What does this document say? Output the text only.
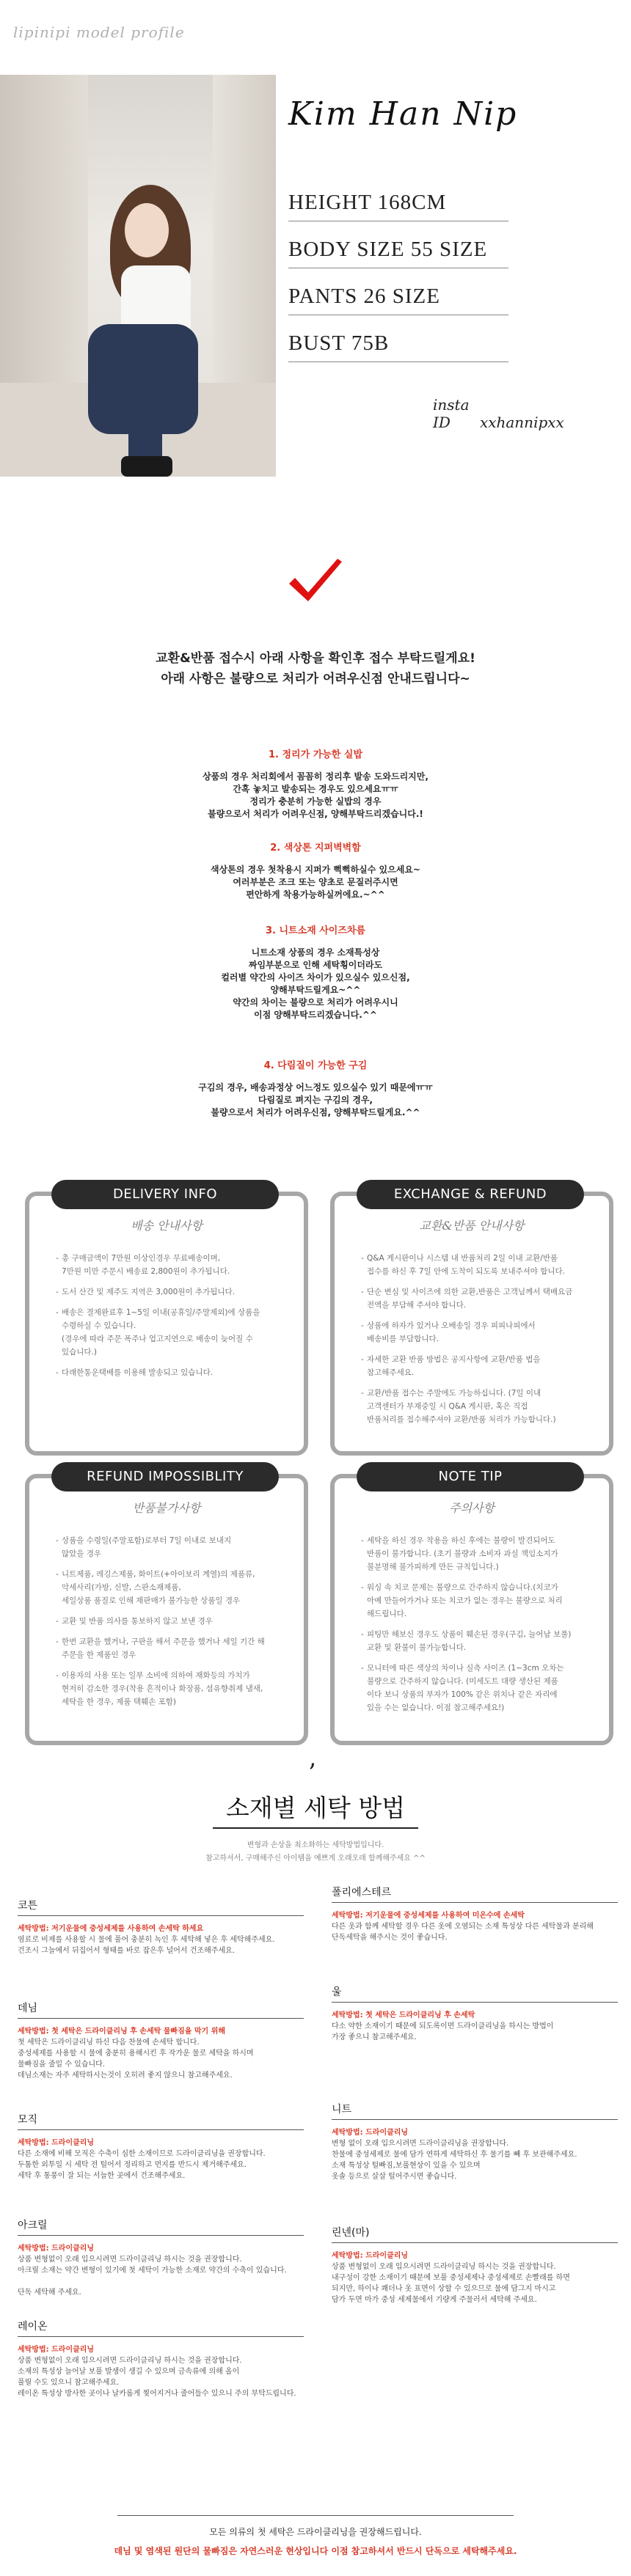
lipinipi model profile
Kim Han Nip
HEIGHT 168CM
BODY SIZE 55 SIZE
PANTS 26 SIZE
BUST 75B
insta ID xxhannipxx
교환&반품 접수시 아래 사항을 확인후 접수 부탁드릴게요!
아래 사항은 불량으로 처리가 어려우신점 안내드립니다~
1. 정리가 가능한 실밥

상품의 경우 처리회에서 꼼꼼히 정리후 발송 도와드리지만,
간혹 놓치고 발송되는 경우도 있으세요ㅠㅠ
정리가 충분히 가능한 실밥의 경우
불량으로서 처리가 어려우신점, 양해부탁드리겠습니다.!

2. 색상톤 지퍼벽벽함

색상톤의 경우 첫착용시 지퍼가 뻑뻑하실수 있으세요~
여러부분은 조크 또는 양초로 문질러주시면
편안하게 착용가능하실꺼에요.~^^

3. 니트소재 사이즈차름

니트소재 상품의 경우 소재특성상
짜임부분으로 인해 세탁횡이더라도
컬러별 약간의 사이즈 차이가 있으실수 있으신점,
양해부탁드릴게요~^^
약간의 차이는 불량으로 처리가 어려우시니
이점 양해부탁드리겠습니다.^^

4. 다림질이 가능한 구김

구김의 경우, 배송과정상 어느정도 있으실수 있기 때문에ㅠㅠ
다림질로 펴지는 구김의 경우,
불량으로서 처리가 어려우신점, 양해부탁드릴게요.^^

DELIVERY INFO
배송 안내사항
- 총 구매금액이 7만원 이상인경우 무료배송이며,
7만원 미만 주문시 배송료 2,800원이 추가됩니다.
- 도서 산간 및 제주도 지역은 3,000원이 추가됩니다.
- 배송은 결제완료후 1~5일 이내(공휴일/주말제외)에 상품을
수령하실 수 있습니다.
(경우에 따라 주문 폭주나 업고지연으로 배송이 늦어질 수
있습니다.)
- 다래한통운택배를 이용해 발송되고 있습니다.
EXCHANGE & REFUND
교환&반품 안내사항
- Q&A 게시판이나 시스템 내 반품처리 2일 이내 교환/반품
접수를 하신 후 7일 안에 도착이 되도록 보내주셔야 합니다.
- 단순 변심 및 사이즈에 의한 교환,반품은 고객님께서 택배요금
전액을 부담해 주셔야 합니다.
- 상품에 하자가 있거나 오배송일 경우 피피나피에서
배송비를 부담합니다.
- 자세한 교환 반품 방법은 공지사항에 교환/반품 법을
참고해주세요.
- 교환/반품 접수는 주말에도 가능하십니다. (7일 이내
고객센터가 부재중일 시 Q&A 게시판, 혹은 직접
반품처리를 접수해주셔야 교환/반품 처리가 가능합니다.)
REFUND IMPOSSIBLITY
반품불가사항
- 상품을 수령일(주말포함)로부터 7일 이내로 보내지
않았을 경우
- 니트제품, 레깅스제품, 화이트(+아이보리 계열)의 제품류,
악세사리(가방, 신발, 스판소재제품,
세일상품 품질로 인해 재판매가 불가능한 상품일 경우
- 교환 및 반품 의사를 통보하지 않고 보낸 경우
- 한번 교환을 했거나, 구판을 해서 주문을 했거나 세일 기간 해
주문을 한 제품인 경우
- 이용자의 사용 또는 일부 소비에 의하여 재화등의 가치가
현저히 감소한 경우(착용 흔적이나 화장품, 섬유향취제 냄새,
세탁을 한 경우, 제품 택훼손 포함)
NOTE TIP
주의사항
- 세탁을 하신 경우 착용을 하신 후에는 불량이 발견되어도
반품이 불가합니다. (초기 불량과 소비자 과실 책임소지가
불분명해 불가피하게 만든 규칙입니다.)
- 워싱 속 치코 문제는 불량으로 간주하지 않습니다.(치코가
아예 만들어가거나 또는 치코가 없는 경우는 불량으로 처리
해드립니다.
- 피팅만 해보신 경우도 상품이 훼손된 경우(구김, 늘어남 보풀)
교환 및 환불이 불가능합니다.
- 모니터에 따른 색상의 차이나 실측 사이즈 (1~3cm 오차는
불량으로 간주하지 않습니다. (미세도트 대량 생산된 제품
이다 보니 상품의 부자가 100% 같은 위치나 같은 자리에
있을 수는 없습니다. 이점 참고해주세요!)
’
소재별 세탁 방법
변형과 손상을 최소화하는 세탁방법입니다.
참고하셔서, 구매해주신 아이템을 예쁘게 오래오래 함께해주세요 ^^
코튼
세탁방법: 저기운물에 중성세제를 사용하여 손세탁 하세요
염료로 비제를 사용할 시 물에 풀어 충분히 녹인 후 세탁해 넣은 후 세탁해주세요.
건조시 그늘에서 뒤집어서 형태를 바로 잡은후 널어서 건조해주세요.
폴리에스테르
세탁방법: 저기운물에 중성세제를 사용하여 미온수에 손세탁
다른 옷과 함께 세탁할 경우 다른 옷에 오염되는 소재 특성상 다른 세탁물과 분리해
단독세탁을 해주시는 것이 좋습니다.
데님
세탁방법: 첫 세탁은 드라이클리닝 후 손세탁 물빠짐을 막기 위해
첫 세탁은 드라이클리닝 하신 다음 찬물에 손세탁 합니다.
중성세제를 사용할 시 물에 충분히 용해시킨 후 작가운 물로 세탁을 하시며
물빠짐을 줄일 수 있습니다.
데님소재는 자주 세탁하시는것이 오히려 좋지 않으니 참고해주세요.
울
세탁방법: 첫 세탁은 드라이클리닝 후 손세탁
다소 약한 소재이기 때문에 되도록이면 드라이클리닝을 하시는 방법이
가장 좋으니 참고해주세요.
모직
세탁방법: 드라이클리닝
다른 소재에 비해 모직은 수축이 심한 소재이므로 드라이클리닝을 권장합니다.
두툼한 외투일 시 세탁 전 털어서 정리하고 먼지를 반드시 제거해주세요.
세탁 후 통풍이 잘 되는 서늘한 곳에서 건조해주세요.
니트
세탁방법: 드라이클리닝
변형 없이 오래 입으시려면 드라이클리닝을 권장합니다.
찬물에 중성세제로 물에 담가 연하게 세탁하신 후 물기를 빼 후 보관해주세요.
소재 특성상 털빠짐,보풀현상이 있을 수 있으며
옷솔 등으로 살살 털어주시면 좋습니다.
아크릴
세탁방법: 드라이클리닝
상품 변형없이 오래 입으시려면 드라이클리닝 하시는 것을 권장합니다.
아크릴 소재는 약간 변형이 있기에 첫 세탁이 가능한 소재로 약간의 수축이 있습니다.

단독 세탁해 주세요.
린넨(마)
세탁방법: 드라이클리닝
상품 변형없이 오래 입으시려면 드라이클리닝 하시는 것을 권장합니다.
내구성이 강한 소재이기 때문에 보풀 중성세제나 중성세제로 손빨래를 하면
되지만, 하이나 쾌더나 옷 표면이 상할 수 있으므로 물에 담그지 마시고
담가 두면 마가 중성 세제물에서 기량게 주물러서 세탁해 주세요.
레이온
세탁방법: 드라이클리닝
상품 변형없이 오래 입으시려면 드라이클리닝 하시는 것을 권장합니다.
소재의 특성상 늘어날 보풀 발생이 생길 수 있으며 금속류에 의해 올이
풀릴 수도 있으니 참고해주세요.
레이온 특성상 방사한 곳이나 날카롭게 찢어지거나 줄어들수 있으니 주의 부탁드립니다.
모든 의류의 첫 세탁은 드라이클리닝을 권장해드립니다.
데님 및 염색된 원단의 물빠짐은 자연스러운 현상입니다 이점 참고하셔서 반드시 단독으로 세탁해주세요.
